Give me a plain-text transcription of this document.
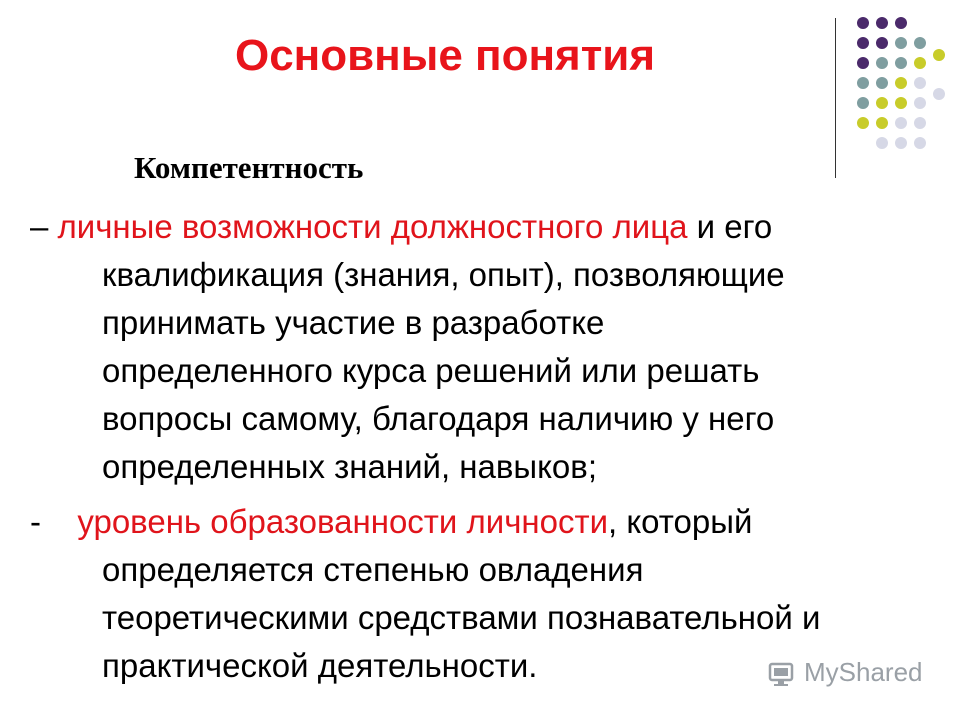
Основные понятия

Компетентность

– личные возможности должностного лица и его
квалификация (знания, опыт), позволяющие
принимать участие в разработке
определенного курса решений или решать
вопросы самому, благодаря наличию у него
определенных знаний, навыков;
- уровень образованности личности, который
определяется степенью овладения
теоретическими средствами познавательной и
практической деятельности.	MyShared
